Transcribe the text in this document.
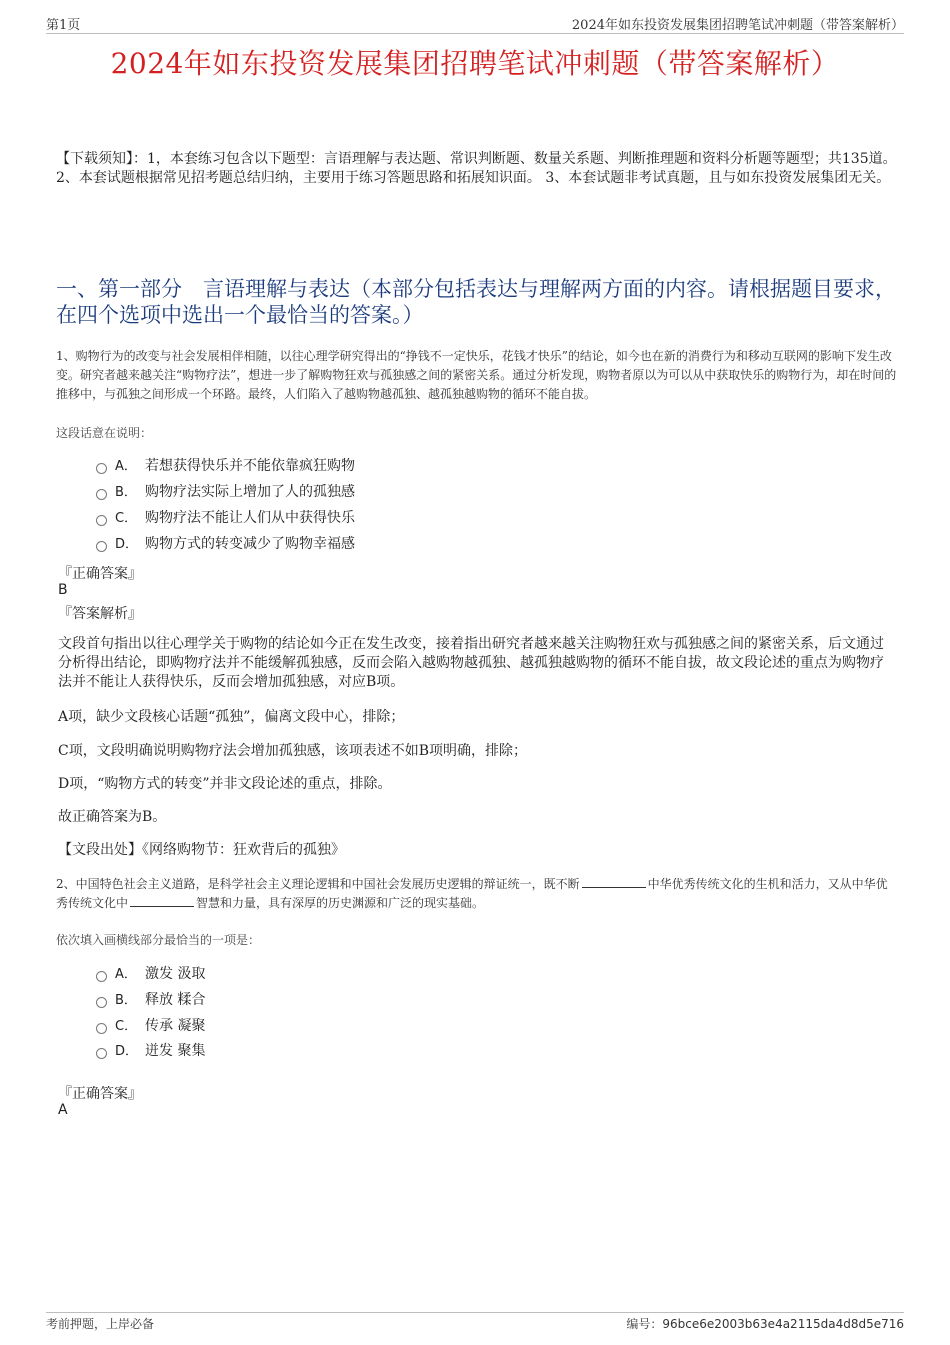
第1页	2024年如东投资发展集团招聘笔试冲刺题（带答案解析）
2024年如东投资发展集团招聘笔试冲刺题（带答案解析）
【下载须知】：1，本套练习包含以下题型：言语理解与表达题、常识判断题、数量关系题、判断推理题和资料分析题等题型；共135道。 2、本套试题根据常见招考题总结归纳，主要用于练习答题思路和拓展知识面。 3、本套试题非考试真题，且与如东投资发展集团无关。
一、第一部分　言语理解与表达（本部分包括表达与理解两方面的内容。请根据题目要求，在四个选项中选出一个最恰当的答案。）
1、购物行为的改变与社会发展相伴相随，以往心理学研究得出的“挣钱不一定快乐，花钱才快乐”的结论，如今也在新的消费行为和移动互联网的影响下发生改变。研究者越来越关注“购物疗法”，想进一步了解购物狂欢与孤独感之间的紧密关系。通过分析发现，购物者原以为可以从中获取快乐的购物行为，却在时间的推移中，与孤独之间形成一个环路。最终，人们陷入了越购物越孤独、越孤独越购物的循环不能自拔。
这段话意在说明：
A． 若想获得快乐并不能依靠疯狂购物
B． 购物疗法实际上增加了人的孤独感
C． 购物疗法不能让人们从中获得快乐
D． 购物方式的转变减少了购物幸福感
『正确答案』
B
『答案解析』
文段首句指出以往心理学关于购物的结论如今正在发生改变，接着指出研究者越来越关注购物狂欢与孤独感之间的紧密关系，后文通过分析得出结论，即购物疗法并不能缓解孤独感，反而会陷入越购物越孤独、越孤独越购物的循环不能自拔，故文段论述的重点为购物疗法并不能让人获得快乐，反而会增加孤独感，对应B项。
A项，缺少文段核心话题“孤独”，偏离文段中心，排除；
C项，文段明确说明购物疗法会增加孤独感，该项表述不如B项明确，排除；
D项，“购物方式的转变”并非文段论述的重点，排除。
故正确答案为B。
【文段出处】《网络购物节：狂欢背后的孤独》
2、中国特色社会主义道路，是科学社会主义理论逻辑和中国社会发展历史逻辑的辩证统一，既不断	中华优秀传统文化的生机和活力，又从中华优秀传统文化中	智慧和力量，具有深厚的历史渊源和广泛的现实基础。
依次填入画横线部分最恰当的一项是：
A． 激发 汲取
B． 释放 糅合
C． 传承 凝聚
D． 迸发 聚集
『正确答案』
A
考前押题，上岸必备	编号：96bce6e2003b63e4a2115da4d8d5e716
